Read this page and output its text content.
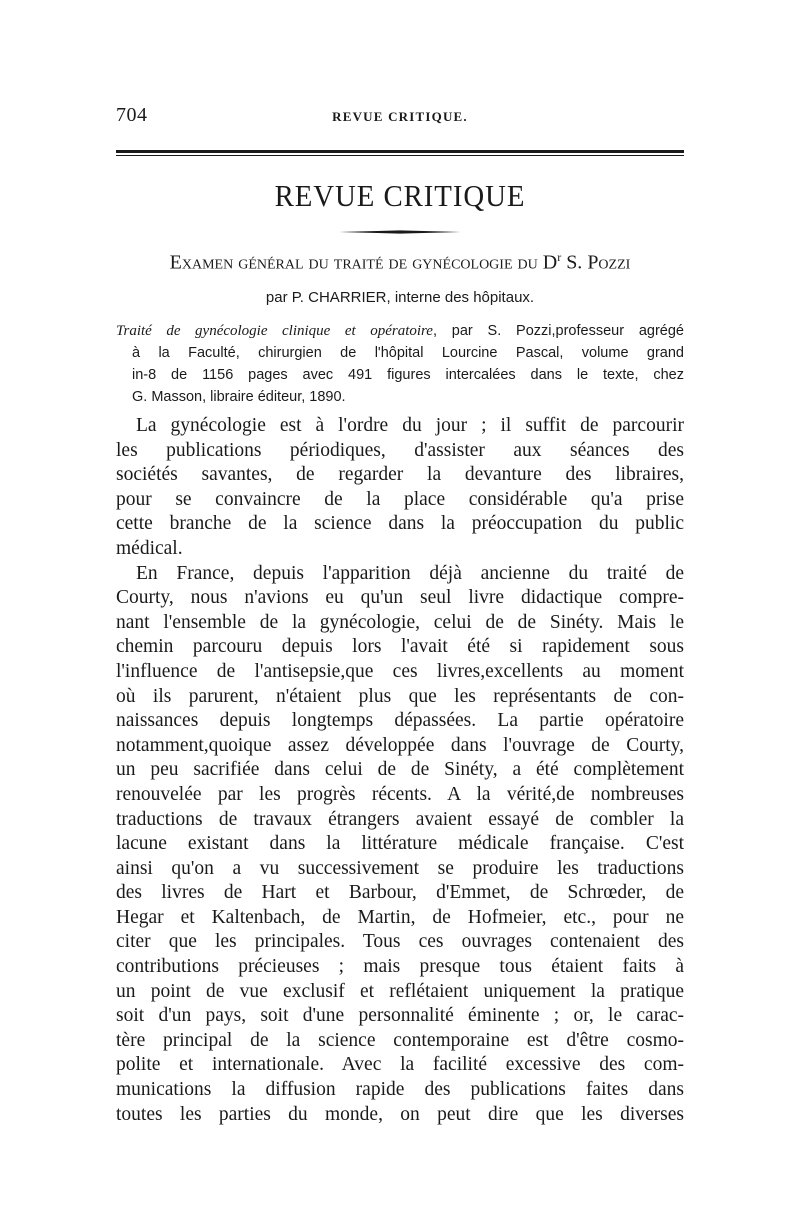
704	REVUE CRITIQUE.
REVUE CRITIQUE
Examen général du traité de gynécologie du $D^r$ S. Pozzi
par P. CHARRIER, interne des hôpitaux.
Traité de gynécologie clinique et opératoire, par S. Pozzi,professeur agrégé
à la Faculté, chirurgien de l'hôpital Lourcine Pascal, volume grand
in-8 de 1156 pages avec 491 figures intercalées dans le texte, chez
G. Masson, libraire éditeur, 1890.
La gynécologie est à l'ordre du jour ; il suffit de parcourir
les publications périodiques, d'assister aux séances des
sociétés savantes, de regarder la devanture des libraires,
pour se convaincre de la place considérable qu'a prise
cette branche de la science dans la préoccupation du public
médical.
En France, depuis l'apparition déjà ancienne du traité de
Courty, nous n'avions eu qu'un seul livre didactique compre-
nant l'ensemble de la gynécologie, celui de de Sinéty. Mais le
chemin parcouru depuis lors l'avait été si rapidement sous
l'influence de l'antisepsie,que ces livres,excellents au moment
où ils parurent, n'étaient plus que les représentants de con-
naissances depuis longtemps dépassées. La partie opératoire
notamment,quoique assez développée dans l'ouvrage de Courty,
un peu sacrifiée dans celui de de Sinéty, a été complètement
renouvelée par les progrès récents. A la vérité,de nombreuses
traductions de travaux étrangers avaient essayé de combler la
lacune existant dans la littérature médicale française. C'est
ainsi qu'on a vu successivement se produire les traductions
des livres de Hart et Barbour, d'Emmet, de Schrœder, de
Hegar et Kaltenbach, de Martin, de Hofmeier, etc., pour ne
citer que les principales. Tous ces ouvrages contenaient des
contributions précieuses ; mais presque tous étaient faits à
un point de vue exclusif et reflétaient uniquement la pratique
soit d'un pays, soit d'une personnalité éminente ; or, le carac-
tère principal de la science contemporaine est d'être cosmo-
polite et internationale. Avec la facilité excessive des com-
munications la diffusion rapide des publications faites dans
toutes les parties du monde, on peut dire que les diverses
